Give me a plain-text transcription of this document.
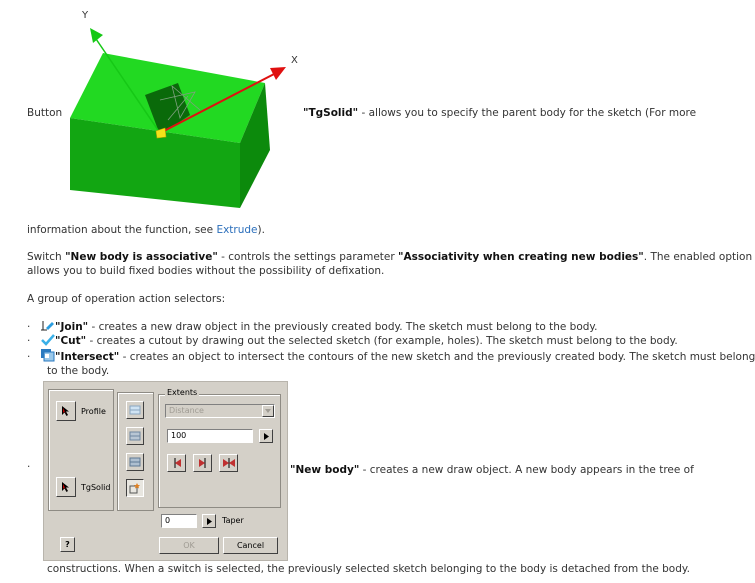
Y
X
Button	"TgSolid" - allows you to specify the parent body for the sketch (For more
information about the function, see Extrude).
Switch "New body is associative" - controls the settings parameter "Associativity when creating new bodies". The enabled option
allows you to build fixed bodies without the possibility of defixation.
A group of operation action selectors:
· "Join" - creates a new draw object in the previously created body. The sketch must belong to the body.
· "Cut" - creates a cutout by drawing out the selected sketch (for example, holes). The sketch must belong to the body.
· "Intersect" - creates an object to intersect the contours of the new sketch and the previously created body. The sketch must belong
to the body.
·
Profile
TgSolid
Extents
Distance
100
0	Taper
?	OK	Cancel
"New body" - creates a new draw object. A new body appears in the tree of
constructions. When a switch is selected, the previously selected sketch belonging to the body is detached from the body.
